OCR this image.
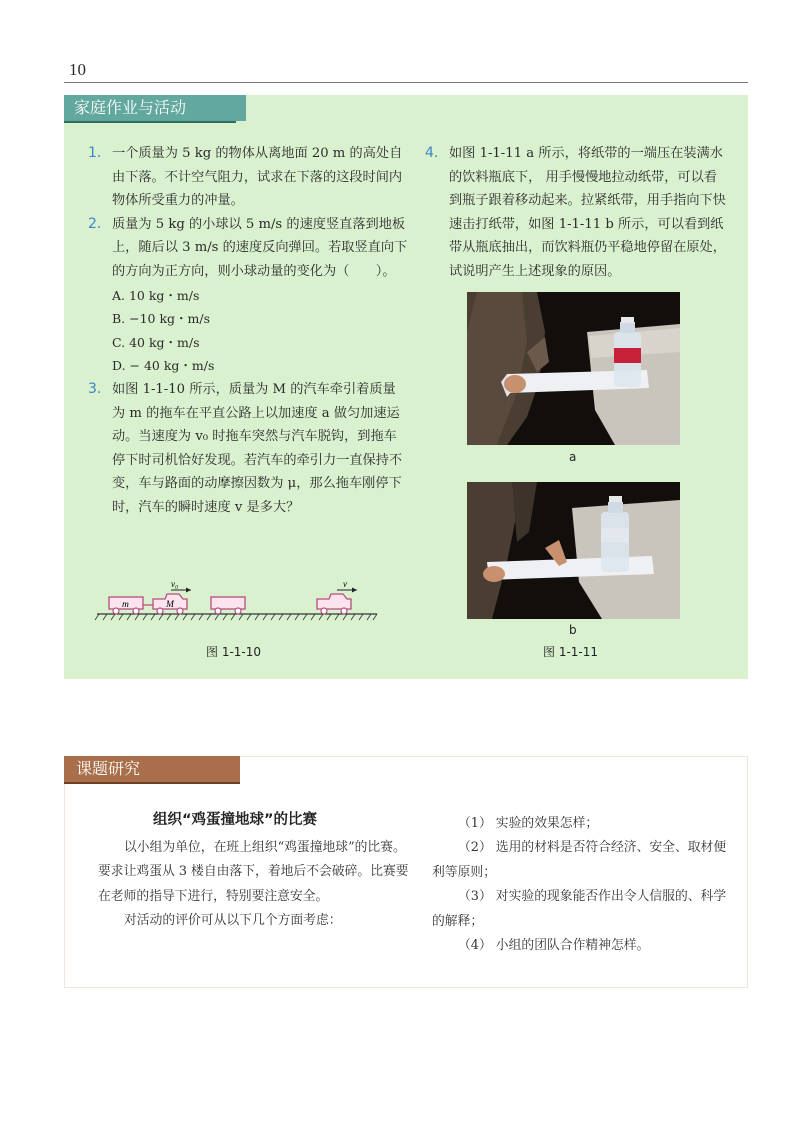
10
家庭作业与活动

1. 一个质量为 5 kg 的物体从离地面 20 m 的高处自由下落。不计空气阻力，试求在下落的这段时间内物体所受重力的冲量。

2. 质量为 5 kg 的小球以 5 m/s 的速度竖直落到地板上，随后以 3 m/s 的速度反向弹回。若取竖直向下的方向为正方向，则小球动量的变化为（　　）。

A. 10 kg・m/s

B. −10 kg・m/s

C. 40 kg・m/s

D. − 40 kg・m/s

3. 如图 1-1-10 所示，质量为 M 的汽车牵引着质量为 m 的拖车在平直公路上以加速度 a 做匀加速运动。当速度为 v₀ 时拖车突然与汽车脱钩，到拖车停下时司机恰好发现。若汽车的牵引力一直保持不变，车与路面的动摩擦因数为 μ，那么拖车刚停下时，汽车的瞬时速度 v 是多大？

4. 如图 1-1-11 a 所示，将纸带的一端压在装满水的饮料瓶底下， 用手慢慢地拉动纸带，可以看到瓶子跟着移动起来。拉紧纸带，用手指向下快速击打纸带，如图 1-1-11 b 所示，可以看到纸带从瓶底抽出，而饮料瓶仍平稳地停留在原处，试说明产生上述现象的原因。

m	M
v₀	v
图 1-1-10
a
b
图 1-1-11
课题研究
组织“鸡蛋撞地球”的比赛

以小组为单位，在班上组织“鸡蛋撞地球”的比赛。要求让鸡蛋从 3 楼自由落下，着地后不会破碎。比赛要在老师的指导下进行，特别要注意安全。

对活动的评价可从以下几个方面考虑：

（1） 实验的效果怎样；

（2） 选用的材料是否符合经济、安全、取材便利等原则；

（3） 对实验的现象能否作出令人信服的、科学的解释；

（4） 小组的团队合作精神怎样。
